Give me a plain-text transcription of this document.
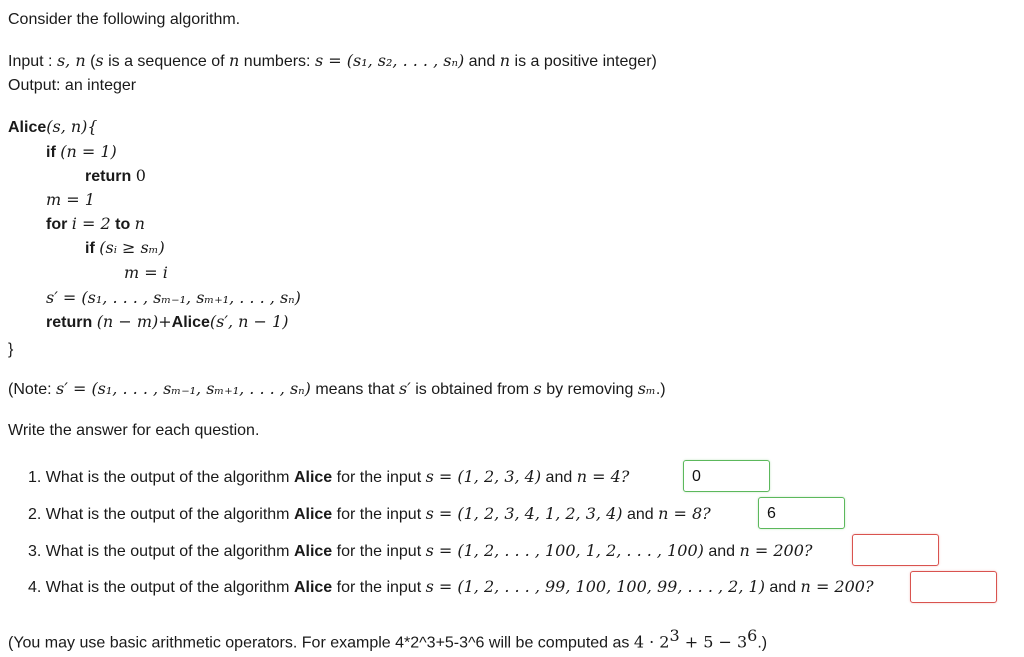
Consider the following algorithm.
Input : s, n (s is a sequence of n numbers: s = (s₁, s₂, . . . , sₙ) and n is a positive integer)
Output: an integer
Alice(s, n){
if (n = 1)
return 0
m = 1
for i = 2 to n
if (sᵢ ≥ sₘ)
m = i
s′ = (s₁, . . . , sₘ₋₁, sₘ₊₁, . . . , sₙ)
return (n − m)+Alice(s′, n − 1)
}
(Note: s′ = (s₁, . . . , sₘ₋₁, sₘ₊₁, . . . , sₙ) means that s′ is obtained from s by removing sₘ.)
Write the answer for each question.
1. What is the output of the algorithm Alice for the input s = (1, 2, 3, 4) and n = 4?	0
2. What is the output of the algorithm Alice for the input s = (1, 2, 3, 4, 1, 2, 3, 4) and n = 8?	6
3. What is the output of the algorithm Alice for the input s = (1, 2, . . . , 100, 1, 2, . . . , 100) and n = 200?
4. What is the output of the algorithm Alice for the input s = (1, 2, . . . , 99, 100, 100, 99, . . . , 2, 1) and n = 200?
(You may use basic arithmetic operators. For example 4*2^3+5-3^6 will be computed as $4 \cdot 2^3 + 5 - 3^6$.)
